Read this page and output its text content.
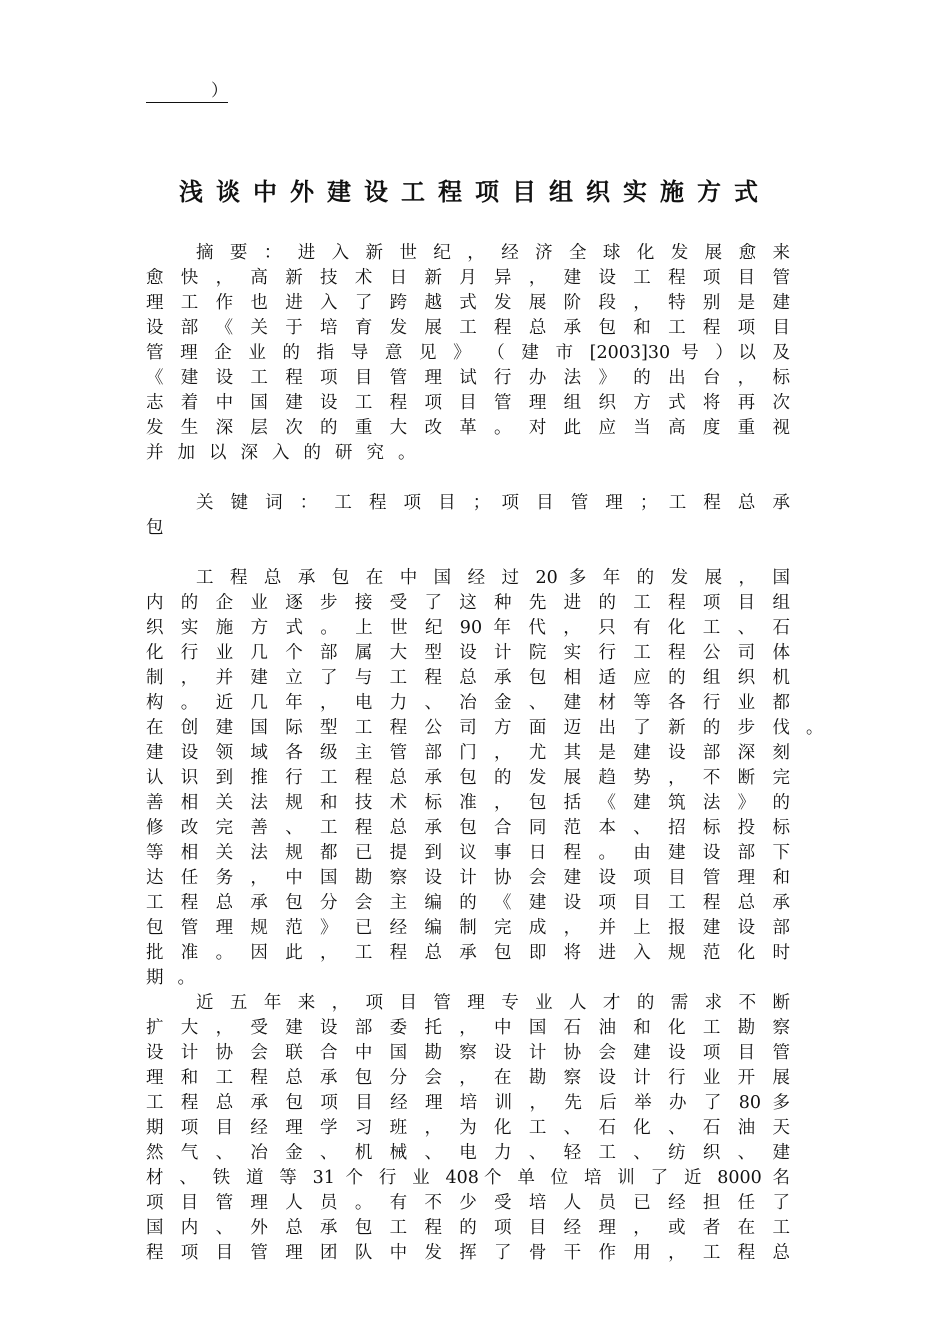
）
浅谈中外建设工程项目组织实施方式
摘 要 ： 进 入 新 世 纪 ， 经 济 全 球 化 发 展 愈 来
愈 快 ， 高 新 技 术 日 新 月 异 ， 建 设 工 程 项 目 管
理 工 作 也 进 入 了 跨 越 式 发 展 阶 段 ， 特 别 是 建
设 部 《 关 于 培 育 发 展 工 程 总 承 包 和 工 程 项 目
管 理 企 业 的 指 导 意 见 》 （ 建 市 [2003]30 号 ）以 及
《 建 设 工 程 项 目 管 理 试 行 办 法 》 的 出 台 ， 标
志 着 中 国 建 设 工 程 项 目 管 理 组 织 方 式 将 再 次
发 生 深 层 次 的 重 大 改 革 。 对 此 应 当 高 度 重 视
并加以深入的研究。
关 键 词 ： 工 程 项 目 ； 项 目 管 理 ； 工 程 总 承
包
工 程 总 承 包 在 中 国 经 过 20 多 年 的 发 展 ， 国
内 的 企 业 逐 步 接 受 了 这 种 先 进 的 工 程 项 目 组
织 实 施 方 式 。 上 世 纪 90 年 代 ， 只 有 化 工 、 石
化 行 业 几 个 部 属 大 型 设 计 院 实 行 工 程 公 司 体
制 ， 并 建 立 了 与 工 程 总 承 包 相 适 应 的 组 织 机
构 。 近 几 年 ， 电 力 、 冶 金 、 建 材 等 各 行 业 都
在 创 建 国 际 型 工 程 公 司 方 面 迈 出 了 新 的 步 伐
建 设 领 域 各 级 主 管 部 门 ， 尤 其 是 建 设 部 深 刻
认 识 到 推 行 工 程 总 承 包 的 发 展 趋 势 ， 不 断 完
善 相 关 法 规 和 技 术 标 准 ， 包 括 《 建 筑 法 》 的
修 改 完 善 、 工 程 总 承 包 合 同 范 本 、 招 标 投 标
等 相 关 法 规 都 已 提 到 议 事 日 程 。 由 建 设 部 下
达 任 务 ， 中 国 勘 察 设 计 协 会 建 设 项 目 管 理 和
工 程 总 承 包 分 会 主 编 的 《 建 设 项 目 工 程 总 承
包 管 理 规 范 》 已 经 编 制 完 成 ， 并 上 报 建 设 部
批 准 。 因 此 ， 工 程 总 承 包 即 将 进 入 规 范 化 时
期。
。
近 五 年 来 ， 项 目 管 理 专 业 人 才 的 需 求 不 断
扩 大 ， 受 建 设 部 委 托 ， 中 国 石 油 和 化 工 勘 察
设 计 协 会 联 合 中 国 勘 察 设 计 协 会 建 设 项 目 管
理 和 工 程 总 承 包 分 会 ， 在 勘 察 设 计 行 业 开 展
工 程 总 承 包 项 目 经 理 培 训 ， 先 后 举 办 了 80 多
期 项 目 经 理 学 习 班 ， 为 化 工 、 石 化 、 石 油 天
然 气 、 冶 金 、 机 械 、 电 力 、 轻 工 、 纺 织 、 建
材 、 铁 道 等 31 个 行 业 408个 单 位 培 训 了 近 8000 名
项 目 管 理 人 员 。 有 不 少 受 培 人 员 已 经 担 任 了
国 内 、 外 总 承 包 工 程 的 项 目 经 理 ， 或 者 在 工
程 项 目 管 理 团 队 中 发 挥 了 骨 干 作 用 ， 工 程 总
